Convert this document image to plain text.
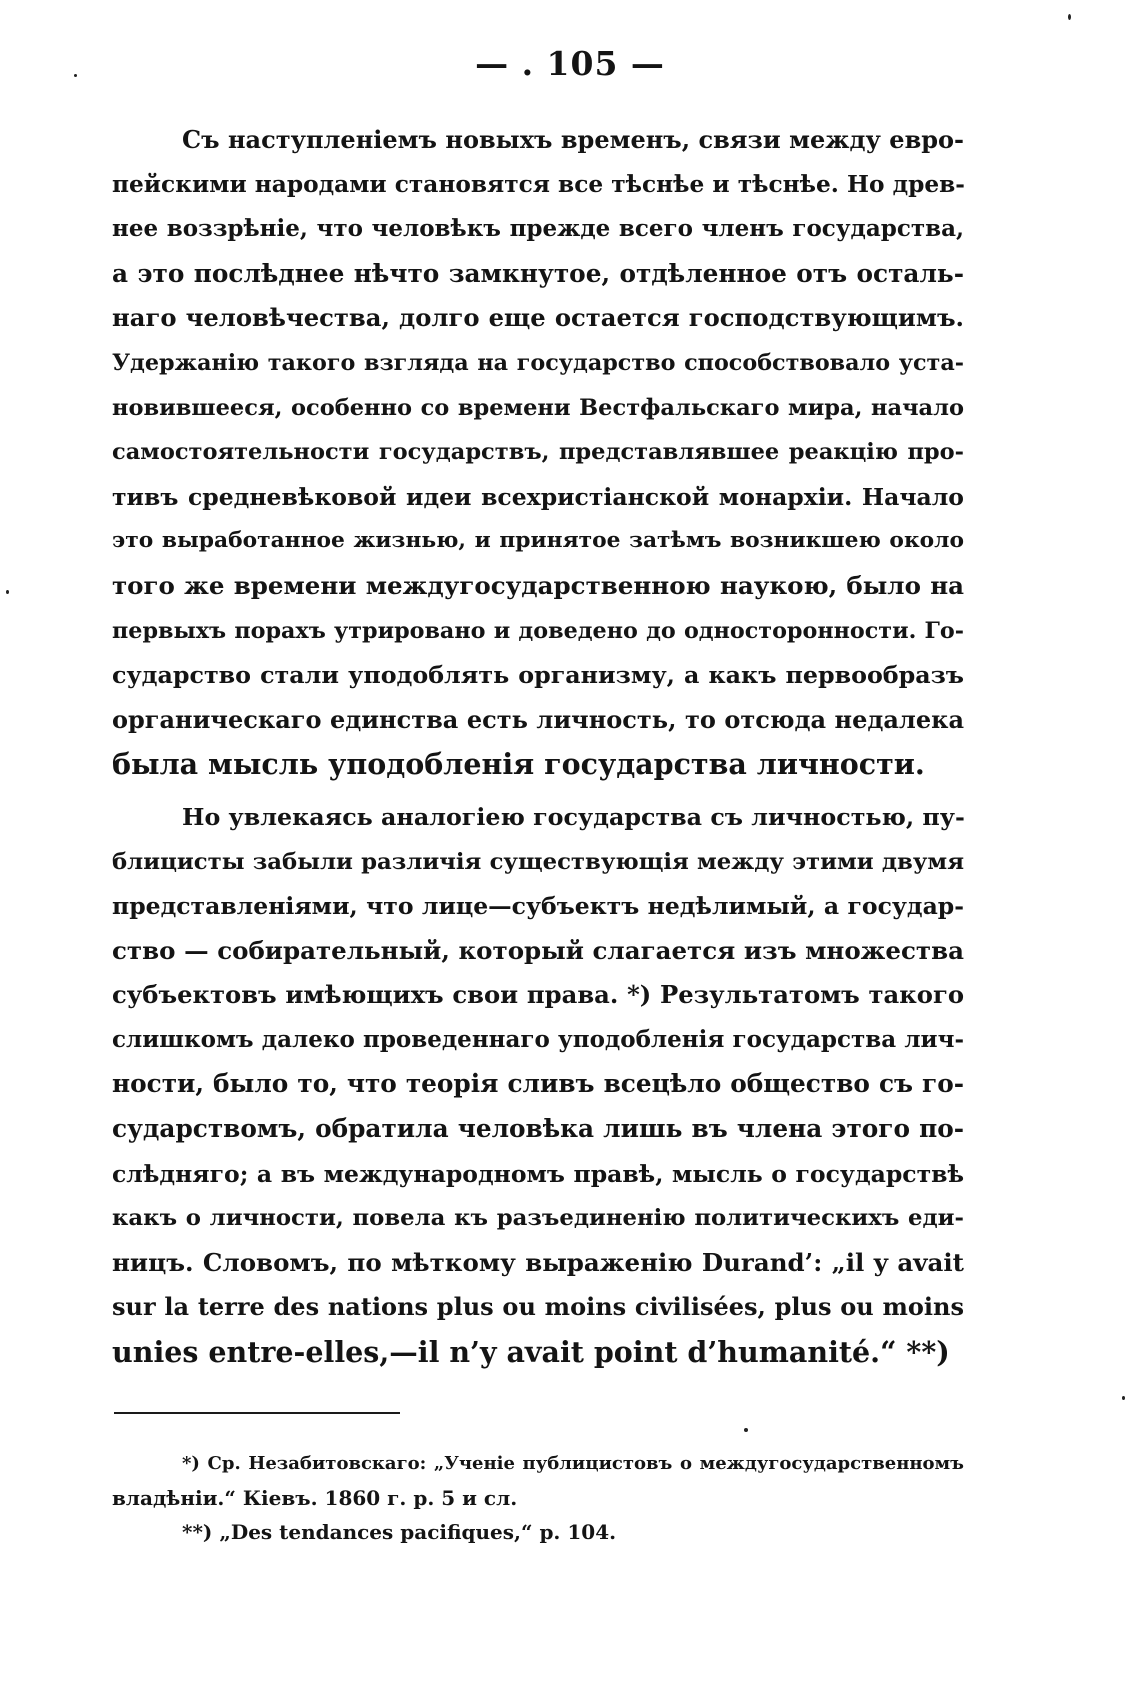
— . 105 —

Съ наступленіемъ новыхъ временъ, связи между евро-
пейскими народами становятся все тѣснѣе и тѣснѣе. Но древ-
нее воззрѣніе, что человѣкъ прежде всего членъ государства,
а это послѣднее нѣчто замкнутое, отдѣленное отъ осталь-
наго человѣчества, долго еще остается господствующимъ.
Удержанію такого взгляда на государство способствовало уста-
новившееся, особенно со времени Вестфальскаго мира, начало
самостоятельности государствъ, представлявшее реакцію про-
тивъ средневѣковой идеи всехристіанской монархіи. Начало
это выработанное жизнью, и принятое затѣмъ возникшею около
того же времени междугосударственною наукою, было на
первыхъ порахъ утрировано и доведено до односторонности. Го-
сударство стали уподоблять организму, а какъ первообразъ
органическаго единства есть личность, то отсюда недалека
была мысль уподобленія государства личности.

Но увлекаясь аналогіею государства съ личностью, пу-
блицисты забыли различія существующія между этими двумя
представленіями, что лице—субъектъ недѣлимый, а государ-
ство — собирательный, который слагается изъ множества
субъектовъ имѣющихъ свои права. *) Результатомъ такого
слишкомъ далеко проведеннаго уподобленія государства лич-
ности, было то, что теорія сливъ всецѣло общество съ го-
сударствомъ, обратила человѣка лишь въ члена этого по-
слѣдняго; а въ международномъ правѣ, мысль о государствѣ
какъ о личности, повела къ разъединенію политическихъ еди-
ницъ. Словомъ, по мѣткому выраженію Durand’: „il y avait
sur la terre des nations plus ou moins civilisées, plus ou moins
unies entre-elles,—il n’y avait point d’humanité.“ **)

*) Ср. Незабитовскаго: „Ученіе публицистовъ о междугосударственномъ
владѣніи.“ Кіевъ. 1860 г. р. 5 и сл.

**) „Des tendances pacifiques,“ p. 104.
